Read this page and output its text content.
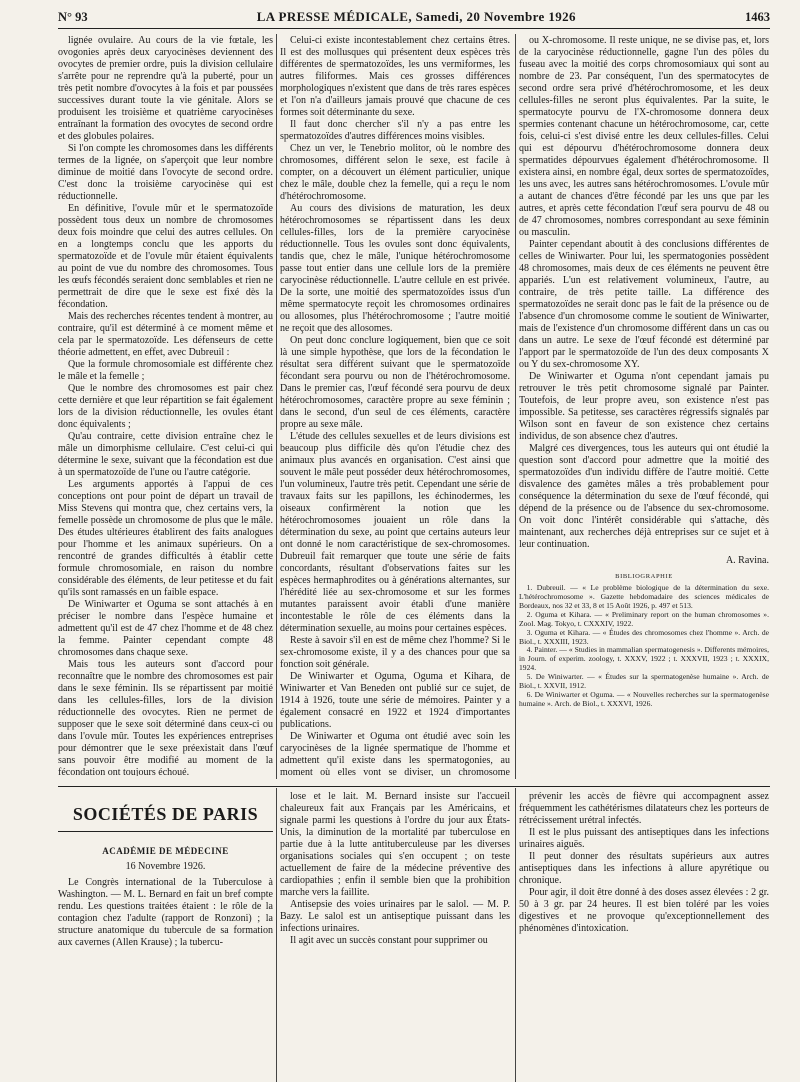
N° 93	LA PRESSE MÉDICALE, Samedi, 20 Novembre 1926	1463

lignée ovulaire. Au cours de la vie fœtale, les ovogonies après deux caryocinèses deviennent des ovocytes de premier ordre, puis la division cellulaire s'arrête pour ne reprendre qu'à la puberté, pour un très petit nombre d'ovocytes à la fois et par poussées successives durant toute la vie génitale. Alors se produisent les troisième et quatrième caryocinèses entraînant la formation des ovocytes de second ordre et des globules polaires.

Si l'on compte les chromosomes dans les différents termes de la lignée, on s'aperçoit que leur nombre diminue de moitié dans l'ovocyte de second ordre. C'est donc la troisième caryocinèse qui est réductionnelle.

En définitive, l'ovule mûr et le spermatozoïde possèdent tous deux un nombre de chromosomes deux fois moindre que celui des autres cellules. On en a longtemps conclu que les apports du spermatozoïde et de l'ovule mûr étaient équivalents au point de vue du nombre des chromosomes. Tous les œufs fécondés seraient donc semblables et rien ne permettrait de dire que le sexe est fixé dès la fécondation.

Mais des recherches récentes tendent à montrer, au contraire, qu'il est déterminé à ce moment même et cela par le spermatozoïde. Les défenseurs de cette théorie admettent, en effet, avec Dubreuil :

Que la formule chromosomiale est différente chez le mâle et la femelle ;

Que le nombre des chromosomes est pair chez cette dernière et que leur répartition se fait également lors de la division réductionnelle, les ovules étant donc équivalents ;

Qu'au contraire, cette division entraîne chez le mâle un dimorphisme cellulaire. C'est celui-ci qui détermine le sexe, suivant que la fécondation est due à un spermatozoïde de l'une ou l'autre catégorie.

Les arguments apportés à l'appui de ces conceptions ont pour point de départ un travail de Miss Stevens qui montra que, chez certains vers, la femelle possède un chromosome de plus que le mâle. Des études ultérieures établirent des faits analogues pour l'homme et les animaux supérieurs. On a rencontré de grandes difficultés à établir cette formule chromosomiale, en raison du nombre considérable des éléments, de leur petitesse et du fait qu'ils sont ramassés en un faible espace.

De Winiwarter et Oguma se sont attachés à en préciser le nombre dans l'espèce humaine et admettent qu'il est de 47 chez l'homme et de 48 chez la femme. Painter cependant compte 48 chromosomes dans chaque sexe.

Mais tous les auteurs sont d'accord pour reconnaître que le nombre des chromosomes est pair dans le sexe féminin. Ils se répartissent par moitié dans les cellules-filles, lors de la division réductionnelle des ovocytes. Rien ne permet de supposer que le sexe soit déterminé dans ceux-ci ou dans l'ovule mûr. Toutes les expériences entreprises pour démontrer que le sexe préexistait dans l'œuf sans pouvoir être modifié au moment de la fécondation ont toujours échoué.

Celui-ci existe incontestablement chez certains êtres. Il est des mollusques qui présentent deux espèces très différentes de spermatozoïdes, les uns vermiformes, les autres filiformes. Mais ces grosses différences morphologiques n'existent que dans de très rares espèces et l'on n'a d'ailleurs jamais prouvé que chacune de ces formes soit déterminante du sexe.

Il faut donc chercher s'il n'y a pas entre les spermatozoïdes d'autres différences moins visibles.

Chez un ver, le Tenebrio molitor, où le nombre des chromosomes, différent selon le sexe, est facile à compter, on a découvert un élément particulier, unique chez le mâle, double chez la femelle, qui a reçu le nom d'hétérochromosome.

Au cours des divisions de maturation, les deux hétérochromosomes se répartissent dans les deux cellules-filles, lors de la première caryocinèse réductionnelle. Tous les ovules sont donc équivalents, tandis que, chez le mâle, l'unique hétérochromosome passe tout entier dans une cellule lors de la première caryocinèse réductionnelle. L'autre cellule en est privée. De la sorte, une moitié des spermatozoïdes issus d'un même spermatocyte reçoit les chromosomes ordinaires ou allosomes, plus l'hétérochromosome ; l'autre moitié ne reçoit que des allosomes.

On peut donc conclure logiquement, bien que ce soit là une simple hypothèse, que lors de la fécondation le résultat sera différent suivant que le spermatozoïde fécondant sera pourvu ou non de l'hétérochromosome. Dans le premier cas, l'œuf fécondé sera pourvu de deux hétérochromosomes, caractère propre au sexe féminin ; dans le second, d'un seul de ces éléments, caractère propre au sexe mâle.

L'étude des cellules sexuelles et de leurs divisions est beaucoup plus difficile dès qu'on l'étudie chez des animaux plus avancés en organisation. C'est ainsi que souvent le mâle peut posséder deux hétérochromosomes, l'un volumineux, l'autre très petit. Cependant une série de travaux faits sur les papillons, les échinodermes, les oiseaux confirmèrent la notion que les hétérochromosomes jouaient un rôle dans la détermination du sexe, au point que certains auteurs leur ont donné le nom caractéristique de sex-chromosomes. Dubreuil fait remarquer que toute une série de faits concordants, résultant d'observations faites sur les espèces hermaphrodites ou à générations alternantes, sur l'hérédité liée au sex-chromosome et sur les formes mutantes paraissent avoir établi d'une manière incontestable le rôle de ces éléments dans la détermination sexuelle, au moins pour certaines espèces.

Reste à savoir s'il en est de même chez l'homme? Si le sex-chromosome existe, il y a des chances pour que sa fonction soit générale.

De Winiwarter et Oguma, Oguma et Kihara, de Winiwarter et Van Beneden ont publié sur ce sujet, de 1914 à 1926, toute une série de mémoires. Painter y a également consacré en 1922 et 1924 d'importantes publications.

De Winiwarter et Oguma ont étudié avec soin les caryocinèses de la lignée spermatique de l'homme et admettent qu'il existe dans les spermatogonies, au moment où elles vont se diviser, un chromosome

ou X-chromosome. Il reste unique, ne se divise pas, et, lors de la caryocinèse réductionnelle, gagne l'un des pôles du fuseau avec la moitié des corps chromosomiaux qui sont au nombre de 23. Par conséquent, l'un des spermatocytes de second ordre sera privé d'hétérochromosome, et les deux cellules-filles ne seront plus équivalentes. Par la suite, le spermatocyte pourvu de l'X-chromosome donnera deux spermies contenant chacune un hétérochromosome, car, cette fois, celui-ci s'est divisé entre les deux cellules-filles. Celui qui est dépourvu d'hétérochromosome donnera deux spermatides dépourvues également d'hétérochromosome. Il existera ainsi, en nombre égal, deux sortes de spermatozoïdes, les uns avec, les autres sans hétérochromosomes. L'ovule mûr a autant de chances d'être fécondé par les uns que par les autres, et après cette fécondation l'œuf sera pourvu de 48 ou de 47 chromosomes, nombres correspondant au sexe féminin ou masculin.

Painter cependant aboutit à des conclusions différentes de celles de Winiwarter. Pour lui, les spermatogonies possèdent 48 chromosomes, mais deux de ces éléments ne peuvent être appariés. L'un est relativement volumineux, l'autre, au contraire, de très petite taille. La différence des spermatozoïdes ne serait donc pas le fait de la présence ou de l'absence d'un chromosome comme le soutient de Winiwarter, mais de l'existence d'un chromosome différent dans un cas ou dans un autre. Le sexe de l'œuf fécondé est déterminé par l'apport par le spermatozoïde de l'un des deux composants X ou Y du sex-chromosome XY.

De Winiwarter et Oguma n'ont cependant jamais pu retrouver le très petit chromosome signalé par Painter. Toutefois, de leur propre aveu, son existence n'est pas impossible. Sa petitesse, ses caractères régressifs signalés par Wilson sont en faveur de son existence chez certains individus, de son absence chez d'autres.

Malgré ces divergences, tous les auteurs qui ont étudié la question sont d'accord pour admettre que la moitié des spermatozoïdes d'un individu diffère de l'autre moitié. Cette disvalence des gamètes mâles a très probablement pour conséquence la détermination du sexe de l'œuf fécondé, qui dépend de la présence ou de l'absence du sex-chromosome. On voit donc l'intérêt considérable qui s'attache, dès maintenant, aux recherches déjà entreprises sur ce sujet et à leur continuation.

A. Ravina.
BIBLIOGRAPHIE

1. Dubreuil. — « Le problème biologique de la détermination du sexe. L'hétérochromosome ». Gazette hebdomadaire des sciences médicales de Bordeaux, nos 32 et 33, 8 et 15 Août 1926, p. 497 et 513.

2. Oguma et Kihara. — « Preliminary report on the human chromosomes ». Zool. Mag. Tokyo, t. CXXXIV, 1922.

3. Oguma et Kihara. — « Études des chromosomes chez l'homme ». Arch. de Biol., t. XXXIII, 1923.

4. Painter. — « Studies in mammalian spermatogenesis ». Differents mémoires, in Journ. of experim. zoology, t. XXXV, 1922 ; t. XXXVII, 1923 ; t. XXXIX, 1924.

5. De Winiwarter. — « Études sur la spermatogenèse humaine ». Arch. de Biol., t. XXVII, 1912.

6. De Winiwarter et Oguma. — « Nouvelles recherches sur la spermatogenèse humaine ». Arch. de Biol., t. XXXVI, 1926.

SOCIÉTÉS DE PARIS
ACADÉMIE DE MÉDECINE
16 Novembre 1926.

Le Congrès international de la Tuberculose à Washington. — M. L. Bernard en fait un bref compte rendu. Les questions traitées étaient : le rôle de la contagion chez l'adulte (rapport de Ronzoni) ; la structure anatomique du tubercule de sa formation aux cavernes (Allen Krause) ; la tubercu-

lose et le lait. M. Bernard insiste sur l'accueil chaleureux fait aux Français par les Américains, et signale parmi les questions à l'ordre du jour aux États-Unis, la diminution de la mortalité par tuberculose en partie due à la lutte antituberculeuse par les diverses organisations sociales qui s'en occupent ; on teste actuellement de faire de la médecine préventive des cardiopathies ; enfin il semble bien que la prohibition marche vers la faillite.

Antisepsie des voies urinaires par le salol. — M. P. Bazy. Le salol est un antiseptique puissant dans les infections urinaires.

Il agit avec un succès constant pour supprimer ou

prévenir les accès de fièvre qui accompagnent assez fréquemment les cathétérismes dilatateurs chez les porteurs de rétrécissement urétral infectés.

Il est le plus puissant des antiseptiques dans les infections urinaires aiguës.

Il peut donner des résultats supérieurs aux autres antiseptiques dans les infections à allure apyrétique ou chronique.

Pour agir, il doit être donné à des doses assez élevées : 2 gr. 50 à 3 gr. par 24 heures. Il est bien toléré par les voies digestives et ne provoque qu'exceptionnellement des phénomènes d'intoxication.
